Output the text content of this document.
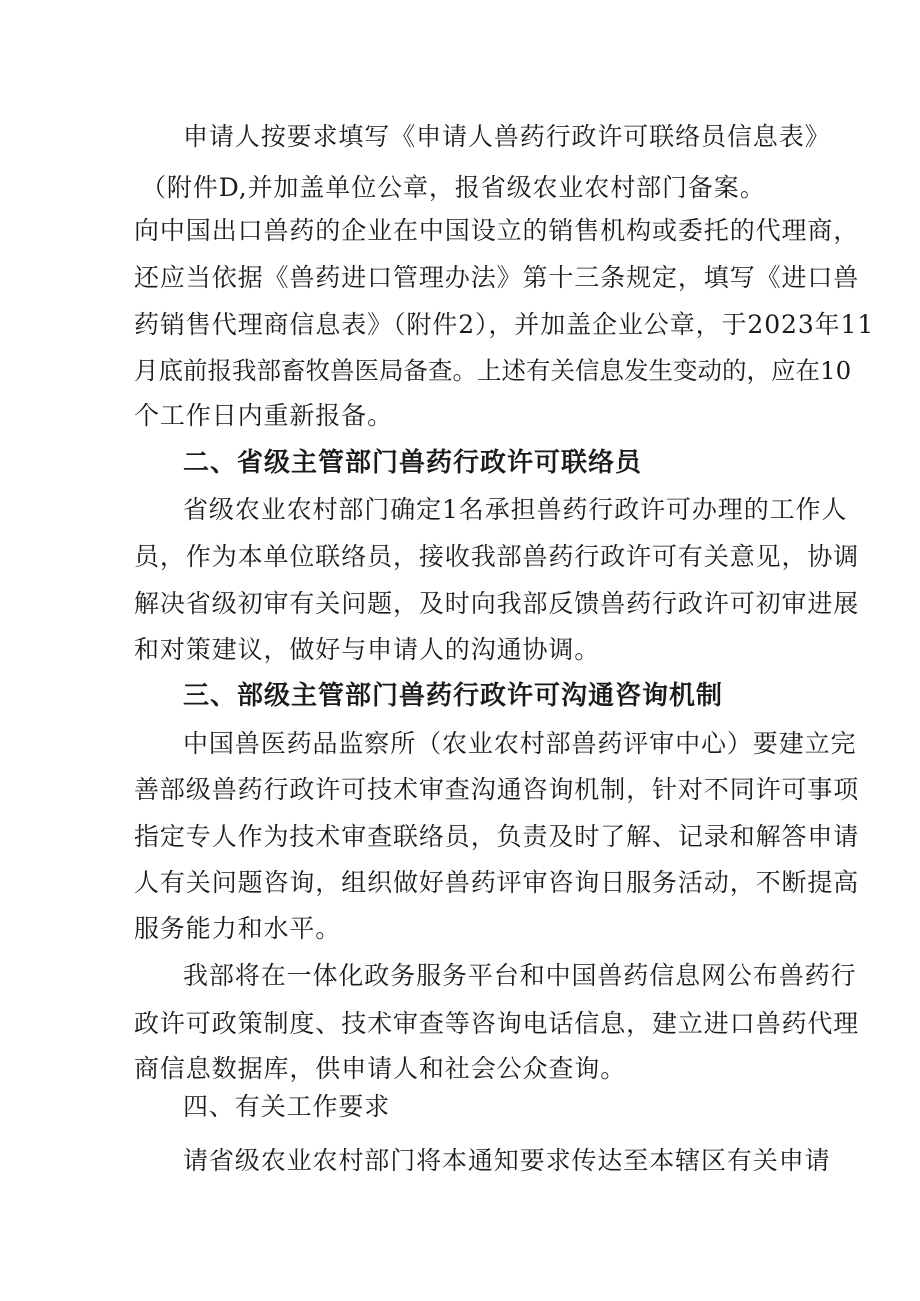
申请人按要求填写《申请人兽药行政许可联络员信息表》
（附件D,并加盖单位公章，报省级农业农村部门备案。
向中国出口兽药的企业在中国设立的销售机构或委托的代理商，
还应当依据《兽药进口管理办法》第十三条规定，填写《进口兽
药销售代理商信息表》（附件2），并加盖企业公章，于2023年11
月底前报我部畜牧兽医局备查。上述有关信息发生变动的，应在10
个工作日内重新报备。
二、省级主管部门兽药行政许可联络员
省级农业农村部门确定1名承担兽药行政许可办理的工作人
员，作为本单位联络员，接收我部兽药行政许可有关意见，协调
解决省级初审有关问题，及时向我部反馈兽药行政许可初审进展
和对策建议，做好与申请人的沟通协调。
三、部级主管部门兽药行政许可沟通咨询机制
中国兽医药品监察所（农业农村部兽药评审中心）要建立完
善部级兽药行政许可技术审查沟通咨询机制，针对不同许可事项
指定专人作为技术审查联络员，负责及时了解、记录和解答申请
人有关问题咨询，组织做好兽药评审咨询日服务活动，不断提高
服务能力和水平。
我部将在一体化政务服务平台和中国兽药信息网公布兽药行
政许可政策制度、技术审查等咨询电话信息，建立进口兽药代理
商信息数据库，供申请人和社会公众查询。
四、有关工作要求
请省级农业农村部门将本通知要求传达至本辖区有关申请
